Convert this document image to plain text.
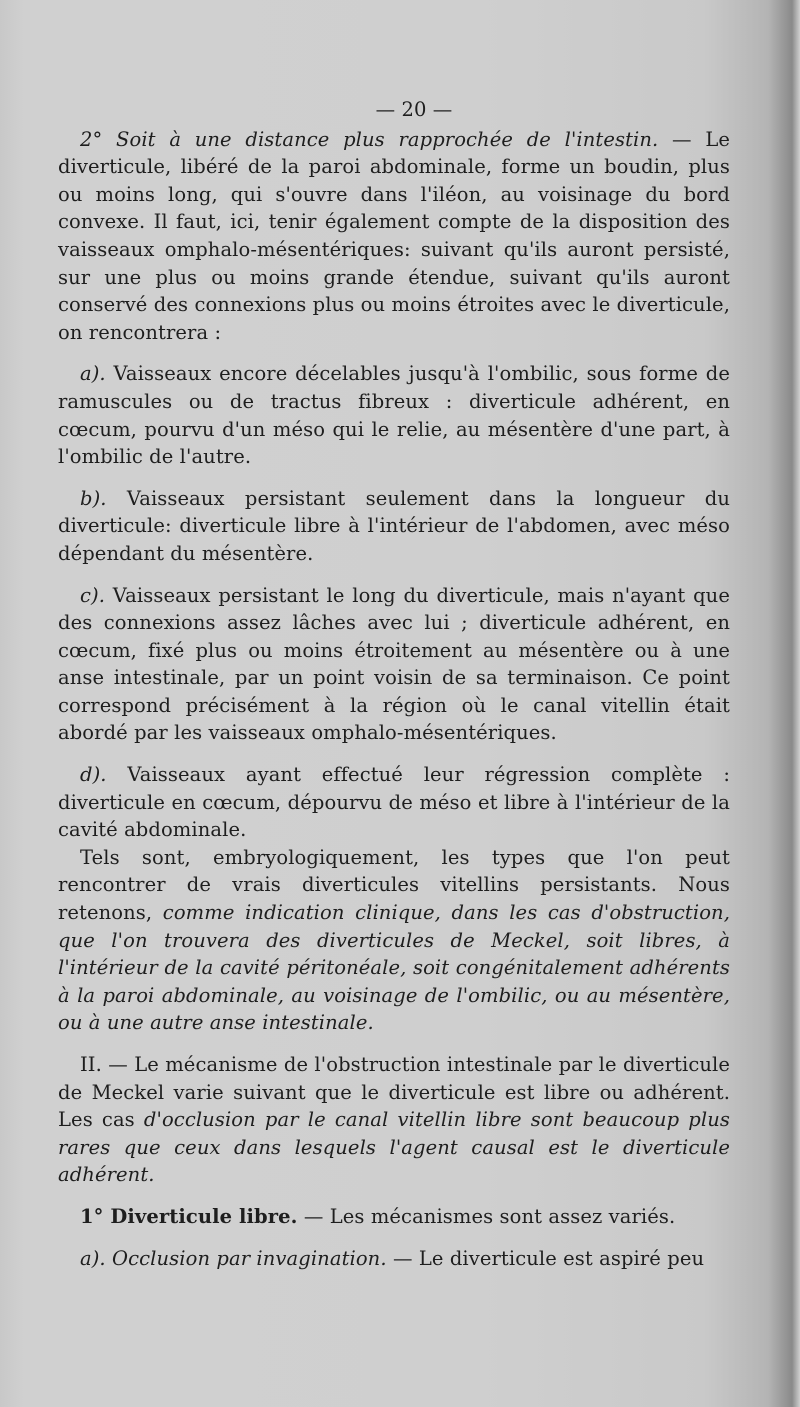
— 20 —

2° Soit à une distance plus rapprochée de l'intestin. — Le diverticule, libéré de la paroi abdominale, forme un boudin, plus ou moins long, qui s'ouvre dans l'iléon, au voisinage du bord convexe. Il faut, ici, tenir également compte de la disposition des vaisseaux omphalo-mésentériques: suivant qu'ils auront persisté, sur une plus ou moins grande étendue, suivant qu'ils auront conservé des connexions plus ou moins étroites avec le diverticule, on rencontrera :

a). Vaisseaux encore décelables jusqu'à l'ombilic, sous forme de ramuscules ou de tractus fibreux : diverticule adhérent, en cœcum, pourvu d'un méso qui le relie, au mésentère d'une part, à l'ombilic de l'autre.

b). Vaisseaux persistant seulement dans la longueur du diverticule: diverticule libre à l'intérieur de l'abdomen, avec méso dépendant du mésentère.

c). Vaisseaux persistant le long du diverticule, mais n'ayant que des connexions assez lâches avec lui ; diverticule adhérent, en cœcum, fixé plus ou moins étroitement au mésentère ou à une anse intestinale, par un point voisin de sa terminaison. Ce point correspond précisément à la région où le canal vitellin était abordé par les vaisseaux omphalo-mésentériques.

d). Vaisseaux ayant effectué leur régression complète : diverticule en cœcum, dépourvu de méso et libre à l'intérieur de la cavité abdominale.

Tels sont, embryologiquement, les types que l'on peut rencontrer de vrais diverticules vitellins persistants. Nous retenons, comme indication clinique, dans les cas d'obstruction, que l'on trouvera des diverticules de Meckel, soit libres, à l'intérieur de la cavité péritonéale, soit congénitalement adhérents à la paroi abdominale, au voisinage de l'ombilic, ou au mésentère, ou à une autre anse intestinale.

II. — Le mécanisme de l'obstruction intestinale par le diverticule de Meckel varie suivant que le diverticule est libre ou adhérent. Les cas d'occlusion par le canal vitellin libre sont beaucoup plus rares que ceux dans lesquels l'agent causal est le diverticule adhérent.

1° Diverticule libre. — Les mécanismes sont assez variés.

a). Occlusion par invagination. — Le diverticule est aspiré peu
